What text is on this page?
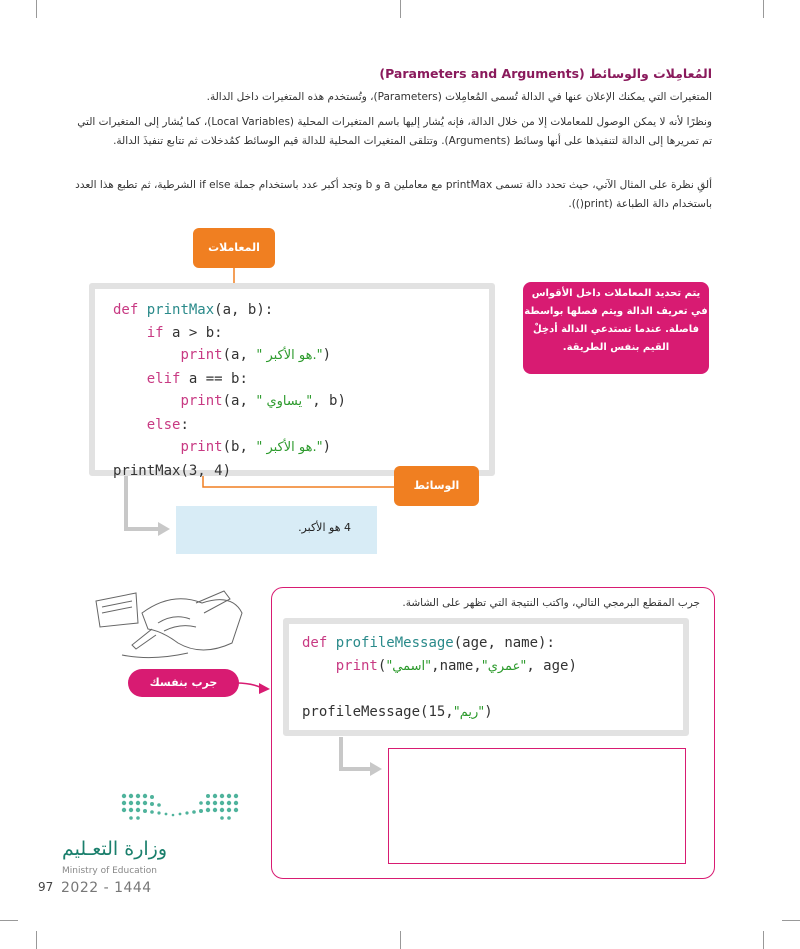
المُعامِلات والوسائط (Parameters and Arguments)
المتغيرات التي يمكنك الإعلان عنها في الدالة تُسمى المُعامِلات (Parameters)، وتُستخدم هذه المتغيرات داخل الدالة.
ونظرًا لأنه لا يمكن الوصول للمعاملات إلا من خلال الدالة، فإنه يُشار إليها باسم المتغيرات المحلية (Local Variables)، كما يُشار إلى المتغيرات التي تم تمريرها إلى الدالة لتنفيذها على أنها وسائط (Arguments). وتتلقى المتغيرات المحلية للدالة قيم الوسائط كمُدخلات ثم تتابع تنفيذَ الدالة.
ألقِ نظرة على المثال الآتي، حيث تحدد دالة تسمى printMax مع معاملين a و b وتجد أكبر عدد باستخدام جملة if else الشرطية، ثم تطبع هذا العدد باستخدام دالة الطباعة (print()).
المعاملات
def printMax(a, b):
if a > b:
print(a, " هو الأكبر.")
elif a == b:
print(a, " يساوي ", b)
else:
print(b, " هو الأكبر.")
printMax(3, 4)
الوسائط
يتم تحديد المعاملات داخل الأقواس في تعريف الدالة ويتم فصلها بواسطة فاصلة. عندما تستدعي الدالة أدخِلْ القيم بنفس الطريقة.
4 هو الأكبر.
جرب بنفسك
جرب المقطع البرمجي التالي، واكتب النتيجة التي تظهر على الشاشة.
def profileMessage(age, name):
print("اسمي",name,"عمري", age)

profileMessage(15,"ريم")
وزارة التعـليم
Ministry of Education
97 2022 - 1444
